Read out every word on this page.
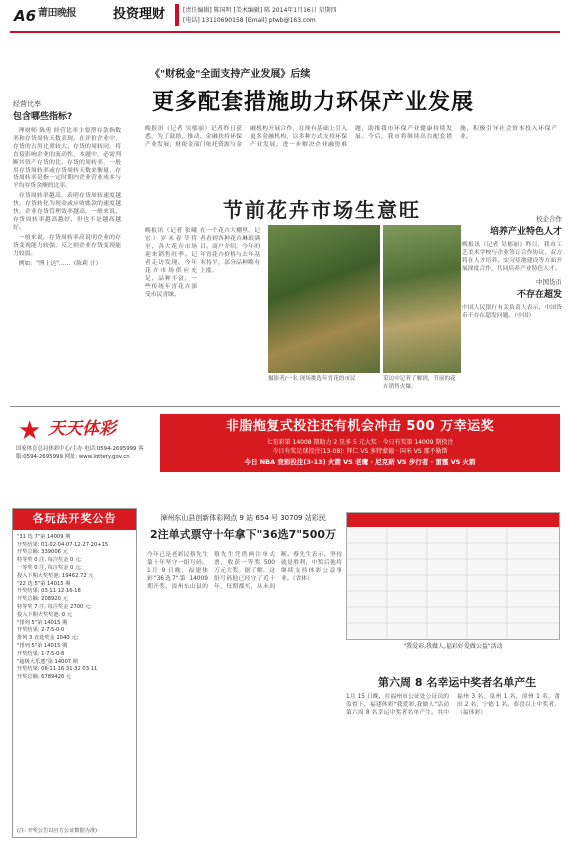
A6 莆田晚报	投资理财	[责任编辑] 陈国明 [美术编辑] 陈 2014年1月16日 星期四
[电话] 13110690158 [Email] ptwb@163.com
经营比率
包含哪些指标?

理财师 陈勇 经营比率主要帮存款指数率和存货周转天数表现。在评价企业中，存货的占用比重较大。存货的周转同，将直接影响企业的流动性，本题中，必需判断其资产存货的比。存货的周转率，一般用存货周转率或存货周转天数来衡量，存货周转率是指一定时期内企业营业成本与平均存货余额的比率。

存货周转率越高，表明存货周转速度越快，存货转化为现金或应收账款的速度越快，企业存货管理效率越高。一般来说，存货周转率越高越好，但也不是越高越好。

一般来说，存货周转率高说明企业的存货变现能力较强，反之则企业存货变现能力较弱。

例如："博士达"……（陈莉 计）

《"财税金"全面支持产业发展》后续
更多配套措施助力环保产业发展
晚报讯（记者 吴郁丽）记者昨日获悉，为了鼓励、推动、金融扶持环保产业发展，财税金部门依托资源与金融机构开展合作，在现有基础上引入更多金融机构，以多种方式支持环保产业发展。进一步解决企业融资难题，助推我市环保产业健康持续发展。今后，我市将继续出台配套措施，积极引导社会资本投入环保产业。
节前花卉市场生意旺
晚报讯（记者 张曦宏）岁末春节将至，各大花卉市场迎来销售旺季。记者走访发现，今年花卉市场供应充足、品种丰富，一些传统年宵花卉深受市民青睐。
在一个花卉大棚里，记者看到各种花卉琳琅满目。商户介绍，今年的年宵花卉价格与去年基本持平，部分品种略有上涨。
摄影者/一名 现场挑选年宵花的市民	采访中记者了解到，节前的花卉销售火爆。
校企合作
培养产业特色人才
晚报讯（记者 吴郁丽）昨日，我市工艺美术学校与企业签订合作协议，双方将在人才培养、实习基地建设等方面开展深度合作，共同培养产业特色人才。
中国货币
不存在超发
中国人民银行有关负责人表示，中国货币不存在超发问题。（中国）
★ 天天体彩
国家体育总局体彩中心/主办 电话:0594-2695999 客服:0594-2695999 网址: www.lottery.gov.cn
非脂拖复式投注还有机会冲击 500 万幸运奖
七星彩第 14008 期助力 2 星多 5 元大奖 · 今日有奖第 14009 期投注
今日有奖足球投注(13-08): 拜仁 VS 多特蒙德 · 国米 VS 那不勒斯
今日 NBA 竞彩投注(3-13) 火箭 VS 老鹰 · 尼克斯 VS 步行者 · 雷霆 VS 火箭
各玩法开奖公告
"31 选 7"第 14009 期
开奖结果: 01·02·04·07·12·27·20+15
开奖总额: 339006 元
特等奖 0 注, 每注奖金 0 元;
一等奖 0 注, 每注奖金 0 元;
投入下期大奖奖池: 19462.72 元
"22 选 5"第 14015 期
开奖结果: 03·11·12·16·18
开奖总额: 208920 元
特等奖 7 注, 每注奖金 2700 元;
投入下期大奖奖池: 0 元
"排列 5"第 14015 期
开奖结果: 2·7·5·0·0
排列 3 直选奖金 1040 元;
"排列 5"第 14015 期
开奖结果: 1·7·5·0·8
"超级大乐透"第 14007 期
开奖结果: 06·11·16·31·32 03·11
开奖总额: 6789426 元
(注: 开奖公告以官方公证数据为准)
漳州东山县创新体彩网点 9 站 654 号 30709 站彩民
2注单式票守十年拿下"36选7"500万
今年已是老彩民蔡先生第十年坚守一组号码。1月 9 日晚，福建体彩"36选7"第 14009 期开奖，漳州东山县的蔡先生凭借两注单式票，收获一等奖 500 万元大奖。据了解，这组号码他已经守了近十年，每期都买，从未间断。蔡先生表示，坚持就是胜利，中奖后他将继续支持体彩公益事业。（省体）
"我爱彩,我做人,福彩好爱做公益"活动
第六周 8 名幸运中奖者名单产生
1月 15 日晚，在福州市公证处公证员的监督下，福建体彩"我爱彩,我做人"活动第六周 8 名幸运中奖者名单产生。其中福州 3 名，泉州 1 名，漳州 1 名，莆田 2 名，宁德 1 名。恭喜以上中奖者。（福体彩）
